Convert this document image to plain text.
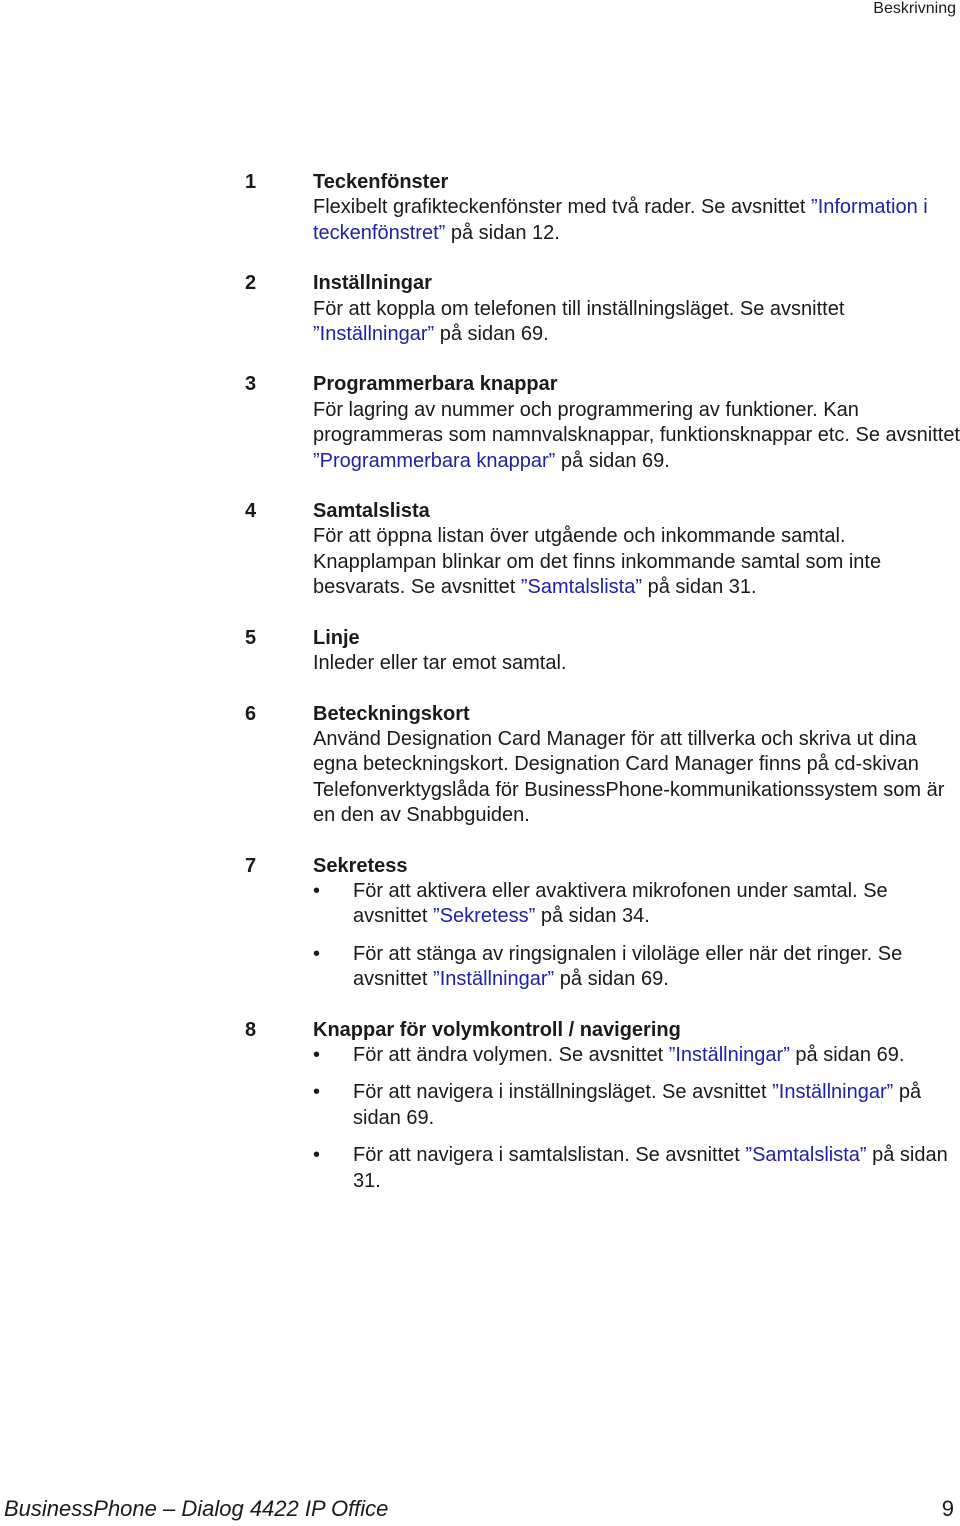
Beskrivning
1	Teckenfönster
Flexibelt grafikteckenfönster med två rader. Se avsnittet ”Information i teckenfönstret” på sidan 12.
2	Inställningar
För att koppla om telefonen till inställningsläget. Se avsnittet ”Inställningar” på sidan 69.
3	Programmerbara knappar
För lagring av nummer och programmering av funktioner. Kan programmeras som namnvalsknappar, funktionsknappar etc. Se avsnittet ”Programmerbara knappar” på sidan 69.
4	Samtalslista
För att öppna listan över utgående och inkommande samtal. Knapplampan blinkar om det finns inkommande samtal som inte besvarats. Se avsnittet ”Samtalslista” på sidan 31.
5	Linje
Inleder eller tar emot samtal.
6	Beteckningskort
Använd Designation Card Manager för att tillverka och skriva ut dina egna beteckningskort. Designation Card Manager finns på cd-skivan Telefonverktygslåda för BusinessPhone-kommunikationssystem som är en den av Snabbguiden.
7	Sekretess
• För att aktivera eller avaktivera mikrofonen under samtal. Se avsnittet ”Sekretess” på sidan 34.
• För att stänga av ringsignalen i viloläge eller när det ringer. Se avsnittet ”Inställningar” på sidan 69.
8	Knappar för volymkontroll / navigering
• För att ändra volymen. Se avsnittet ”Inställningar” på sidan 69.
• För att navigera i inställningsläget. Se avsnittet ”Inställningar” på sidan 69.
• För att navigera i samtalslistan. Se avsnittet ”Samtalslista” på sidan 31.
BusinessPhone – Dialog 4422 IP Office	9
